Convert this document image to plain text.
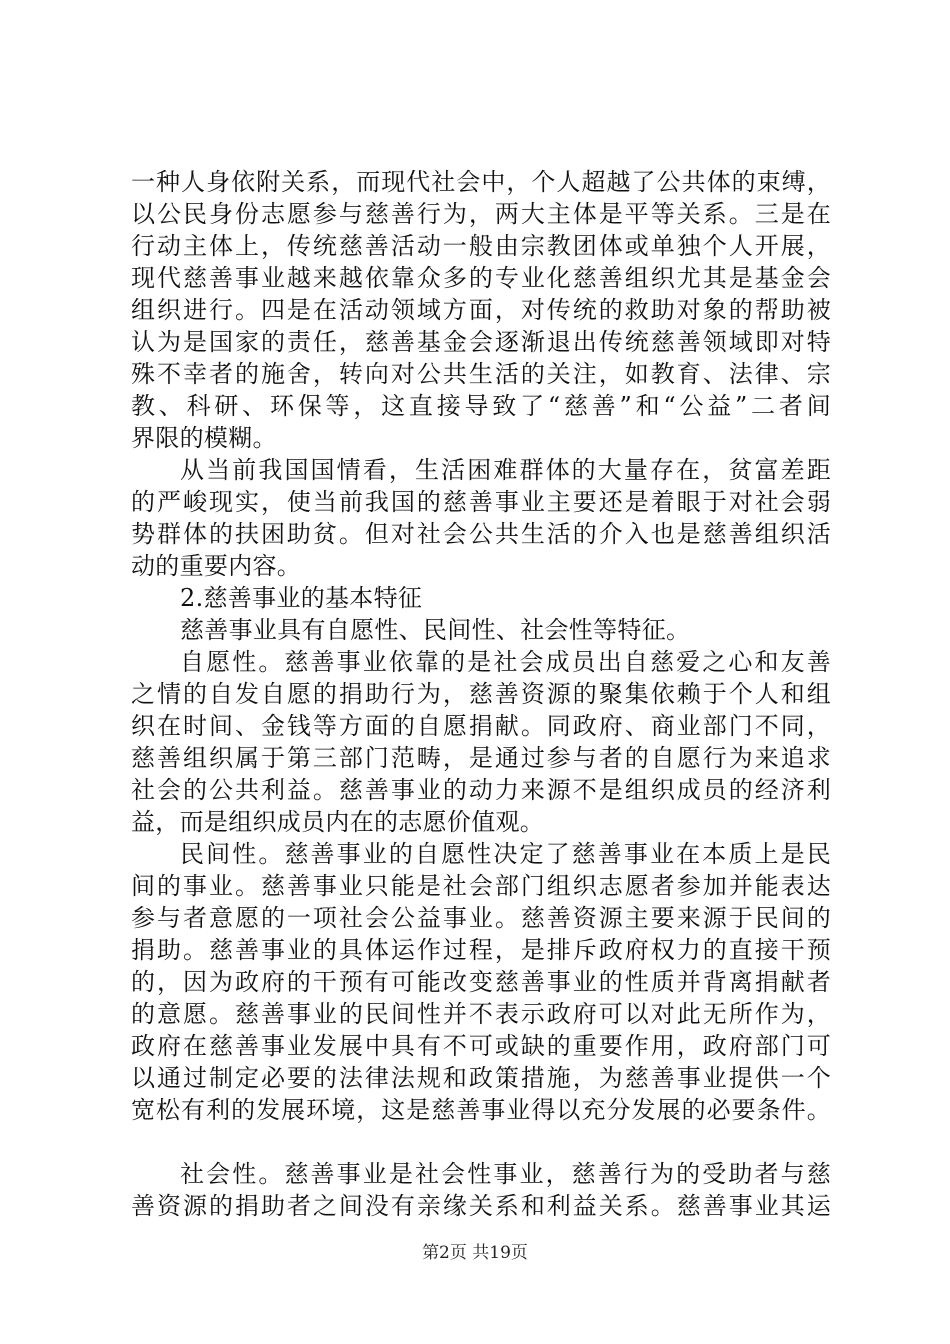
一种人身依附关系，而现代社会中，个人超越了公共体的束缚，
以公民身份志愿参与慈善行为，两大主体是平等关系。三是在
行动主体上，传统慈善活动一般由宗教团体或单独个人开展，
现代慈善事业越来越依靠众多的专业化慈善组织尤其是基金会
组织进行。四是在活动领域方面，对传统的救助对象的帮助被
认为是国家的责任，慈善基金会逐渐退出传统慈善领域即对特
殊不幸者的施舍，转向对公共生活的关注，如教育、法律、宗
教、科研、环保等，这直接导致了“慈善”和“公益”二者间
界限的模糊。
从当前我国国情看，生活困难群体的大量存在，贫富差距
的严峻现实，使当前我国的慈善事业主要还是着眼于对社会弱
势群体的扶困助贫。但对社会公共生活的介入也是慈善组织活
动的重要内容。
2.慈善事业的基本特征
慈善事业具有自愿性、民间性、社会性等特征。
自愿性。慈善事业依靠的是社会成员出自慈爱之心和友善
之情的自发自愿的捐助行为，慈善资源的聚集依赖于个人和组
织在时间、金钱等方面的自愿捐献。同政府、商业部门不同，
慈善组织属于第三部门范畴，是通过参与者的自愿行为来追求
社会的公共利益。慈善事业的动力来源不是组织成员的经济利
益，而是组织成员内在的志愿价值观。
民间性。慈善事业的自愿性决定了慈善事业在本质上是民
间的事业。慈善事业只能是社会部门组织志愿者参加并能表达
参与者意愿的一项社会公益事业。慈善资源主要来源于民间的
捐助。慈善事业的具体运作过程，是排斥政府权力的直接干预
的，因为政府的干预有可能改变慈善事业的性质并背离捐献者
的意愿。慈善事业的民间性并不表示政府可以对此无所作为，
政府在慈善事业发展中具有不可或缺的重要作用，政府部门可
以通过制定必要的法律法规和政策措施，为慈善事业提供一个
宽松有利的发展环境，这是慈善事业得以充分发展的必要条件。
社会性。慈善事业是社会性事业，慈善行为的受助者与慈
善资源的捐助者之间没有亲缘关系和利益关系。慈善事业其运
第2页 共19页
